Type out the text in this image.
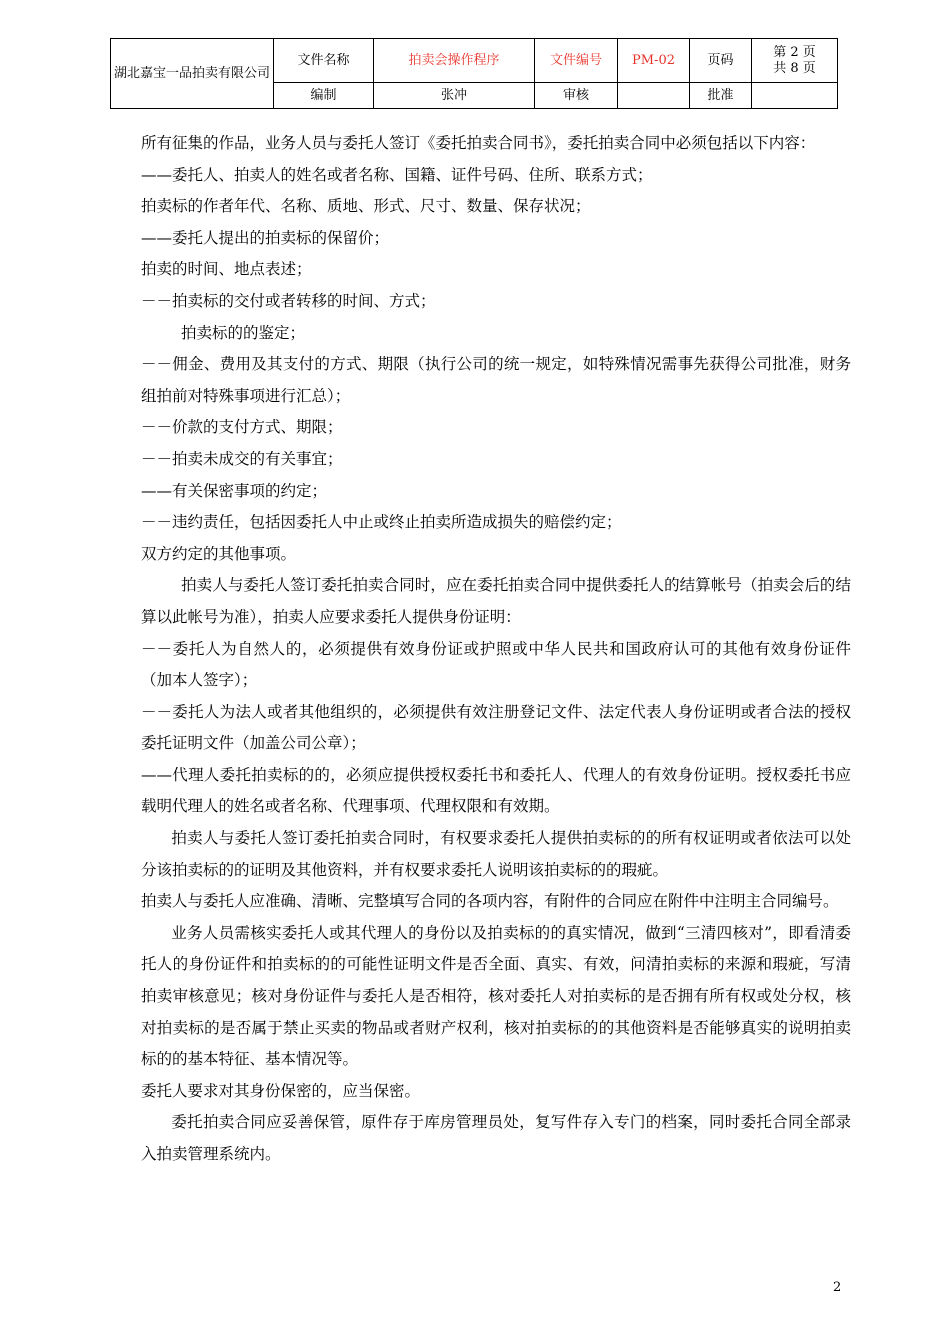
湖北嘉宝一品拍卖有限公司	文件名称	拍卖会操作程序	文件编号	PM-02	页码	第 2 页
共 8 页

	编制	张冲	审核		批准	

所有征集的作品，业务人员与委托人签订《委托拍卖合同书》，委托拍卖合同中必须包括以下内容：

——委托人、拍卖人的姓名或者名称、国籍、证件号码、住所、联系方式；

拍卖标的作者年代、名称、质地、形式、尺寸、数量、保存状况；

——委托人提出的拍卖标的保留价；

拍卖的时间、地点表述；

－－拍卖标的交付或者转移的时间、方式；

拍卖标的的鉴定；

－－佣金、费用及其支付的方式、期限（执行公司的统一规定，如特殊情况需事先获得公司批准，财务组拍前对特殊事项进行汇总）；

－－价款的支付方式、期限；

－－拍卖未成交的有关事宜；

——有关保密事项的约定；

－－违约责任，包括因委托人中止或终止拍卖所造成损失的赔偿约定；

双方约定的其他事项。

拍卖人与委托人签订委托拍卖合同时，应在委托拍卖合同中提供委托人的结算帐号（拍卖会后的结算以此帐号为准），拍卖人应要求委托人提供身份证明：

－－委托人为自然人的，必须提供有效身份证或护照或中华人民共和国政府认可的其他有效身份证件（加本人签字）；

－－委托人为法人或者其他组织的，必须提供有效注册登记文件、法定代表人身份证明或者合法的授权委托证明文件（加盖公司公章）；

——代理人委托拍卖标的的，必须应提供授权委托书和委托人、代理人的有效身份证明。授权委托书应载明代理人的姓名或者名称、代理事项、代理权限和有效期。

拍卖人与委托人签订委托拍卖合同时，有权要求委托人提供拍卖标的的所有权证明或者依法可以处分该拍卖标的的证明及其他资料，并有权要求委托人说明该拍卖标的的瑕疵。

拍卖人与委托人应准确、清晰、完整填写合同的各项内容，有附件的合同应在附件中注明主合同编号。

业务人员需核实委托人或其代理人的身份以及拍卖标的的真实情况，做到“三清四核对”，即看清委托人的身份证件和拍卖标的的可能性证明文件是否全面、真实、有效，问清拍卖标的来源和瑕疵，写清拍卖审核意见；核对身份证件与委托人是否相符，核对委托人对拍卖标的是否拥有所有权或处分权，核对拍卖标的是否属于禁止买卖的物品或者财产权利，核对拍卖标的的其他资料是否能够真实的说明拍卖标的的基本特征、基本情况等。

委托人要求对其身份保密的，应当保密。

委托拍卖合同应妥善保管，原件存于库房管理员处，复写件存入专门的档案，同时委托合同全部录入拍卖管理系统内。

2
